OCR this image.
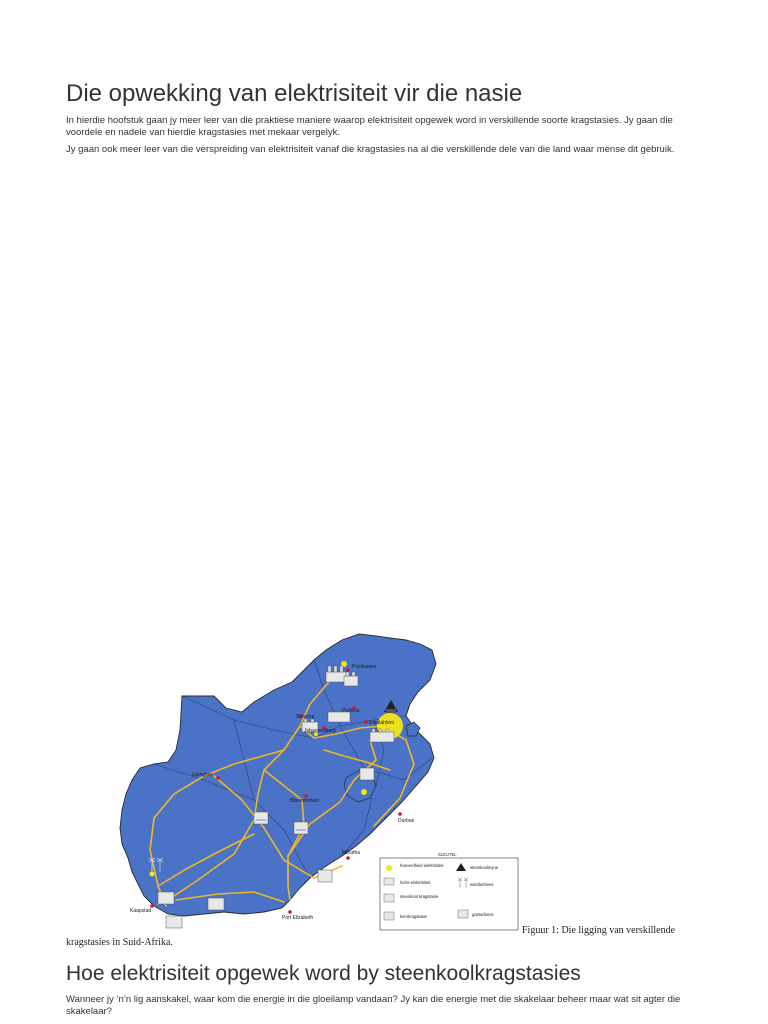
Die opwekking van elektrisiteit vir die nasie

In hierdie hoofstuk gaan jy meer leer van die praktiese maniere waarop elektrisiteit opgewek word in verskillende soorte kragstasies. Jy gaan die voordele en nadele van hierdie kragstasies met mekaar vergelyk.

Jy gaan ook meer leer van die verspreiding van elektrisiteit vanaf die kragstasies na al die verskillende dele van die land waar mense dit gebruik.

Polokwane
Pretoria
Emalahleni
Sutsong
Johannesburg
Upington
Bloemfontein
Durban
Mthatha
Kaapstad
Port Elizabeth
SLEUTEL
hoeveelheid elektrisiteit	steenkoolmyne
hidro-elektrisiteit	windturbines
steenkool kragstasie
kernkragstasie	gasturbines
Figuur 1: Die ligging van verskillende
kragstasies in Suid-Afrika.
Hoe elektrisiteit opgewek word by steenkoolkragstasies

Wanneer jy ’n’n lig aanskakel, waar kom die energie in die gloeilamp vandaan? Jy kan die energie met die skakelaar beheer maar wat sit agter die skakelaar?
